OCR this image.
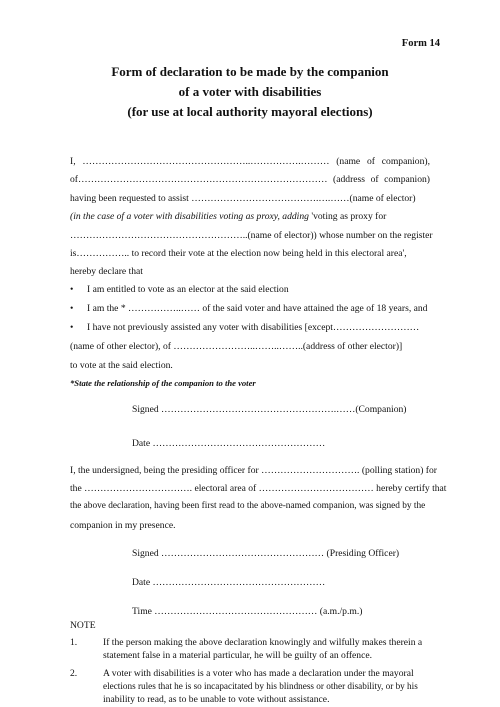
Form 14
Form of declaration to be made by the companion
of a voter with disabilities
(for use at local authority mayoral elections)
I, ……………………………………………..…………….……… (name of companion),
of…………………………………………………………………… (address of companion)
having been requested to assist ………………………………….….……(name of elector)
(in the case of a voter with disabilities voting as proxy, adding 'voting as proxy for
………………………………………………..(name of elector)) whose number on the register
is…………….. to record their vote at the election now being held in this electoral area',
hereby declare that
• I am entitled to vote as an elector at the said election
• I am the * ……………..…… of the said voter and have attained the age of 18 years, and
• I have not previously assisted any voter with disabilities [except………………………
(name of other elector), of ……………………..……..……..(address of other elector)]
to vote at the said election.
*State the relationship of the companion to the voter
Signed ……………………………………………….……(Companion)
Date ………………………………………………
I, the undersigned, being the presiding officer for …………………………. (polling station) for
the ……………………………. electoral area of ……………………………… hereby certify that
the above declaration, having been first read to the above-named companion, was signed by the
companion in my presence.
Signed …………………………………………… (Presiding Officer)
Date ………………………………………………
Time …………………………………………… (a.m./p.m.)
NOTE
1.	If the person making the above declaration knowingly and wilfully makes therein a
statement false in a material particular, he will be guilty of an offence.
2.	A voter with disabilities is a voter who has made a declaration under the mayoral
elections rules that he is so incapacitated by his blindness or other disability, or by his
inability to read, as to be unable to vote without assistance.
